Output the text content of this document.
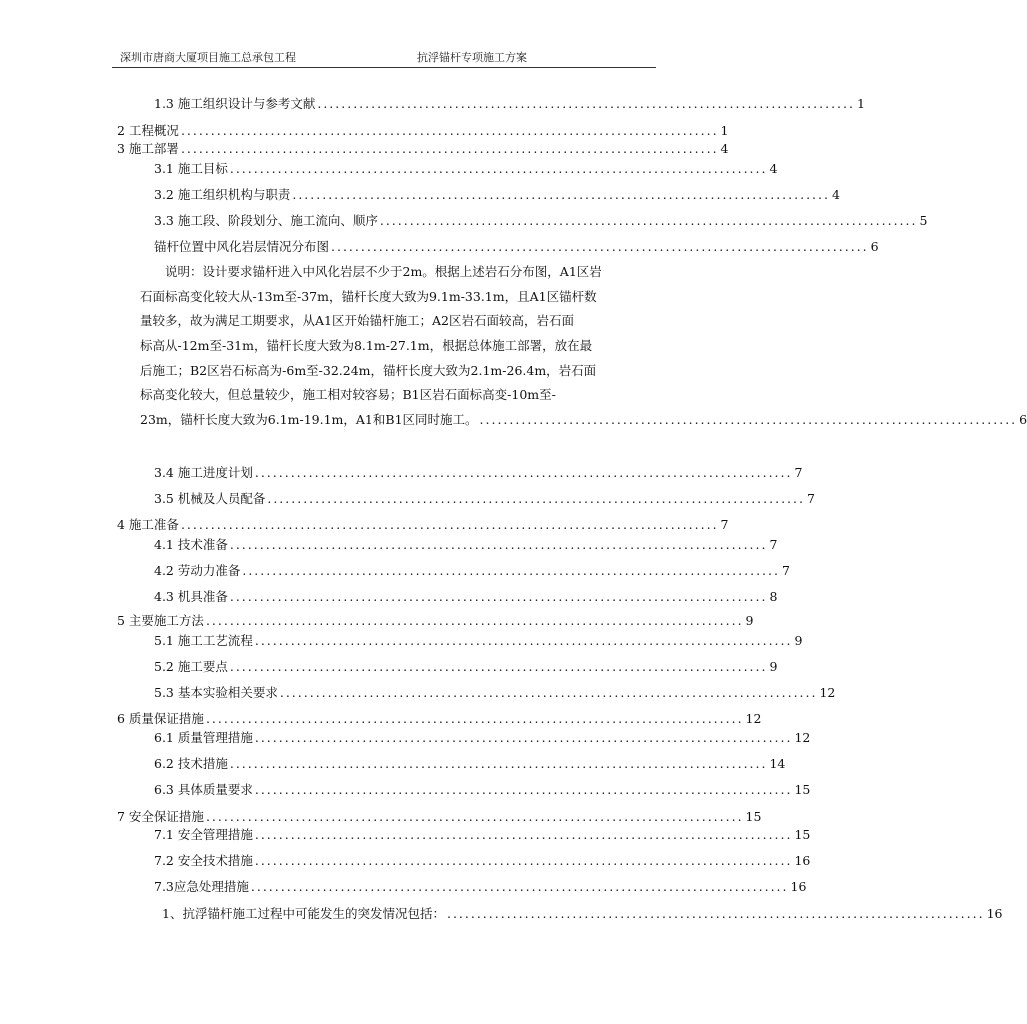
深圳市唐商大厦项目施工总承包工程	抗浮锚杆专项施工方案
1.3 施工组织设计与参考文献 .......................................................................................... 1
2 工程概况 .......................................................................................... 1
3 施工部署 .......................................................................................... 4
3.1 施工目标 .......................................................................................... 4
3.2 施工组织机构与职责 .......................................................................................... 4
3.3 施工段、阶段划分、施工流向、顺序 .......................................................................................... 5
锚杆位置中风化岩层情况分布图 .......................................................................................... 6
　　说明：设计要求锚杆进入中风化岩层不少于2m。根据上述岩石分布图，A1区岩
石面标高变化较大从-13m至-37m，锚杆长度大致为9.1m-33.1m，且A1区锚杆数
量较多，故为满足工期要求，从A1区开始锚杆施工；A2区岩石面较高，岩石面
标高从-12m至-31m，锚杆长度大致为8.1m-27.1m，根据总体施工部署，放在最
后施工；B2区岩石标高为-6m至-32.24m，锚杆长度大致为2.1m-26.4m，岩石面
标高变化较大，但总量较少，施工相对较容易；B1区岩石面标高变-10m至-
23m，锚杆长度大致为6.1m-19.1m，A1和B1区同时施工。 .......................................................................................... 6
3.4 施工进度计划 .......................................................................................... 7
3.5 机械及人员配备 .......................................................................................... 7
4 施工准备 .......................................................................................... 7
4.1 技术准备 .......................................................................................... 7
4.2 劳动力准备 .......................................................................................... 7
4.3 机具准备 .......................................................................................... 8
5 主要施工方法 .......................................................................................... 9
5.1 施工工艺流程 .......................................................................................... 9
5.2 施工要点 .......................................................................................... 9
5.3 基本实验相关要求 .......................................................................................... 12
6 质量保证措施 .......................................................................................... 12
6.1 质量管理措施 .......................................................................................... 12
6.2 技术措施 .......................................................................................... 14
6.3 具体质量要求 .......................................................................................... 15
7 安全保证措施 .......................................................................................... 15
7.1 安全管理措施 .......................................................................................... 15
7.2 安全技术措施 .......................................................................................... 16
7.3应急处理措施 .......................................................................................... 16
1、抗浮锚杆施工过程中可能发生的突发情况包括： .......................................................................................... 16
